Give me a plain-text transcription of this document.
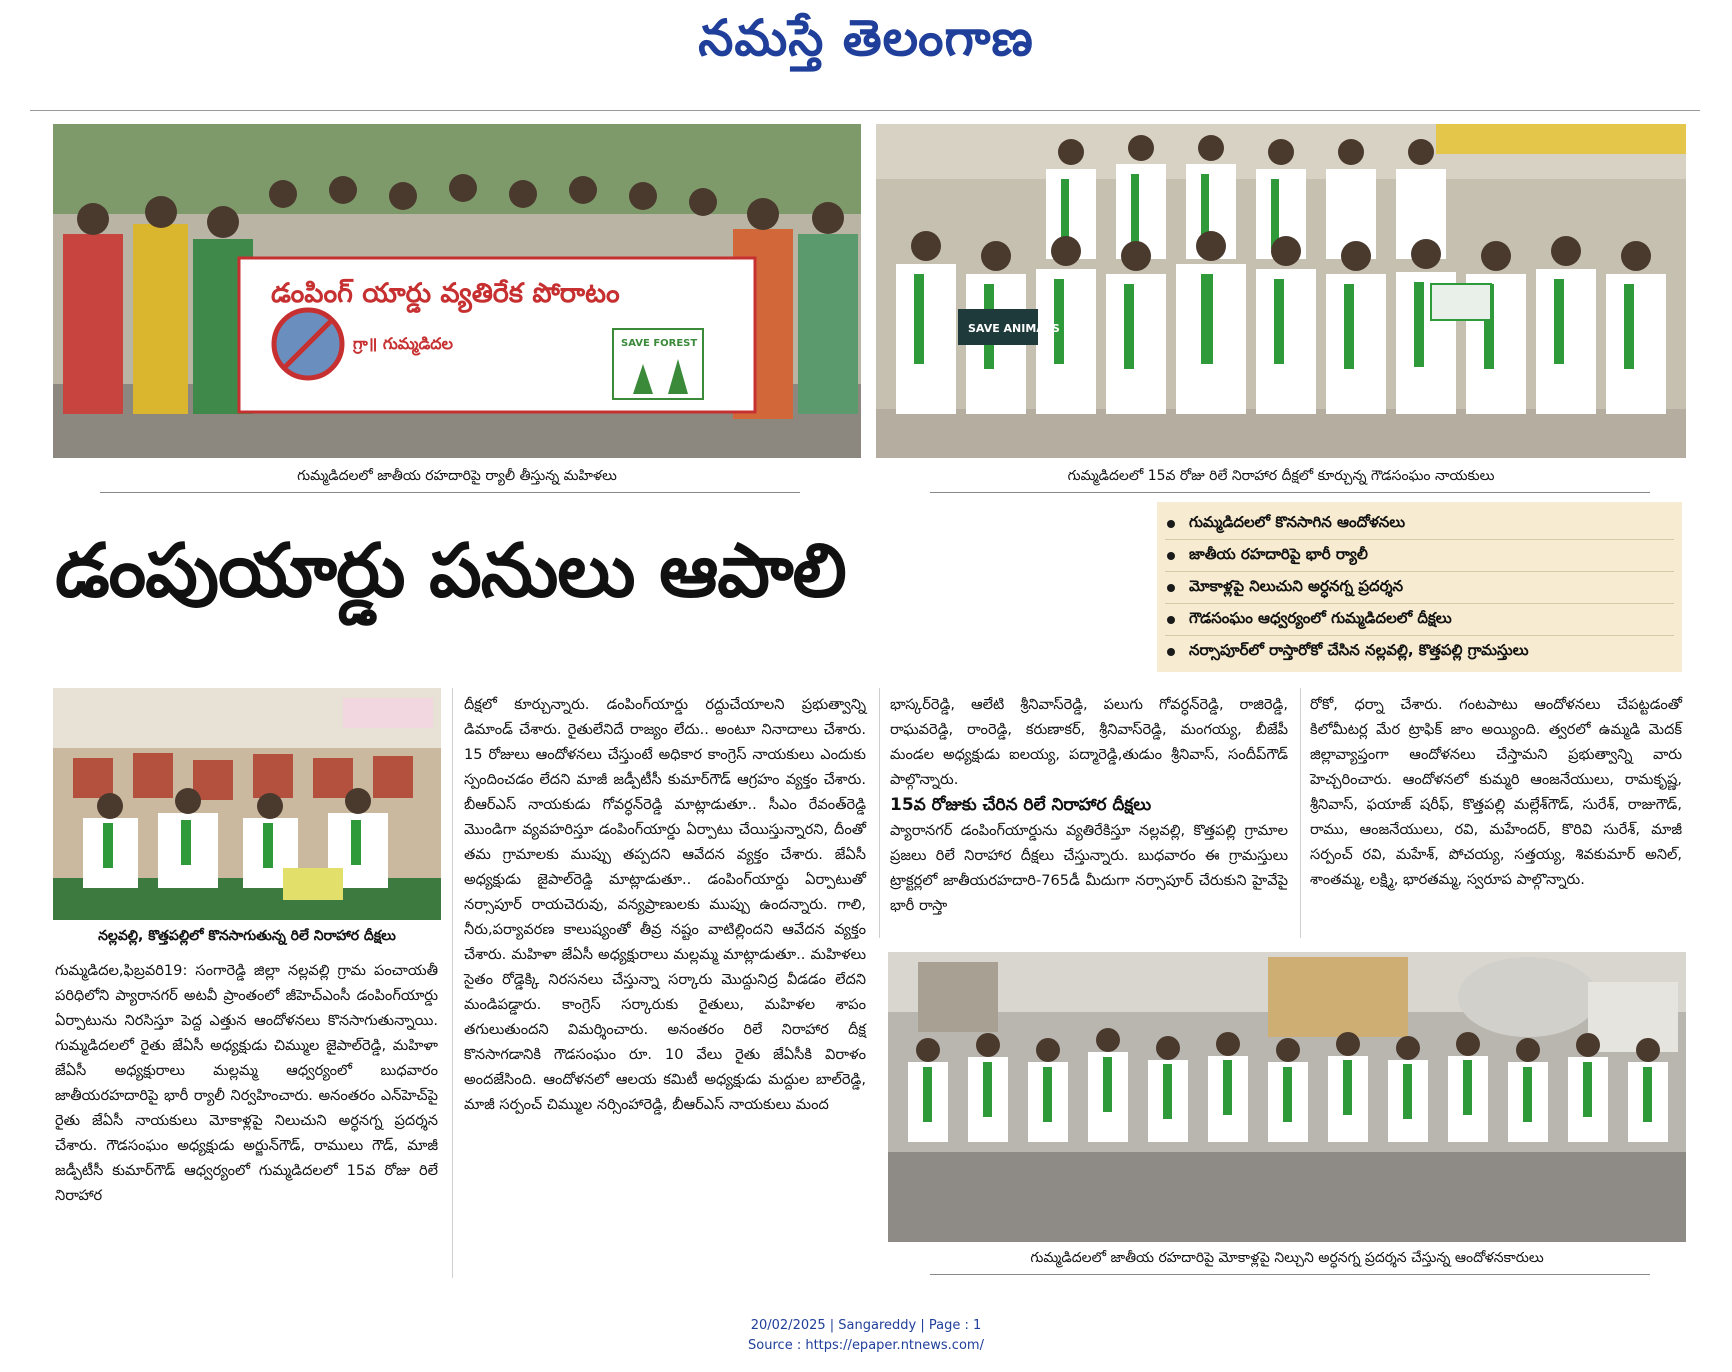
నమస్తే తెలంగాణ
డంపింగ్ యార్డు వ్యతిరేక పోరాటం
గ్రా॥ గుమ్మడిదల	SAVE FOREST
గుమ్మడిదలలో జాతీయ రహదారిపై ర్యాలీ తీస్తున్న మహిళలు
SAVE ANIMALS
గుమ్మడిదలలో 15వ రోజు రిలే నిరాహార దీక్షలో కూర్చున్న గౌడసంఘం నాయకులు
డంపుయార్డు పనులు ఆపాలి
గుమ్మడిదలలో కొనసాగిన ఆందోళనలు
జాతీయ రహదారిపై భారీ ర్యాలీ
మోకాళ్లపై నిలుచుని అర్ధనగ్న ప్రదర్శన
గౌడసంఘం ఆధ్వర్యంలో గుమ్మడిదలలో దీక్షలు
నర్సాపూర్‌లో రాస్తారోకో చేసిన నల్లవల్లి, కొత్తపల్లి గ్రామస్తులు
నల్లవల్లి, కొత్తపల్లిలో కొనసాగుతున్న రిలే నిరాహార దీక్షలు

గుమ్మడిదల,ఫిబ్రవరి19: సంగారెడ్డి జిల్లా నల్లవల్లి గ్రామ పంచాయతీ పరిధిలోని ప్యారానగర్ అటవీ ప్రాంతంలో జీహెచ్ఎంసీ డంపింగ్‌యార్డు ఏర్పాటును నిరసిస్తూ పెద్ద ఎత్తున ఆందోళనలు కొనసాగుతున్నాయి. గుమ్మడిదలలో రైతు జేఏసీ అధ్యక్షుడు చిమ్ముల జైపాల్‌రెడ్డి, మహిళా జేఏసీ అధ్యక్షురాలు మల్లమ్మ ఆధ్వర్యంలో బుధవారం జాతీయరహదారిపై భారీ ర్యాలీ నిర్వహించారు. అనంతరం ఎన్‌హెచ్‌పై రైతు జేఏసీ నాయకులు మోకాళ్లపై నిలుచుని అర్ధనగ్న ప్రదర్శన చేశారు. గౌడసంఘం అధ్యక్షుడు అర్జున్‌గౌడ్, రాములు గౌడ్, మాజీ జడ్పీటీసీ కుమార్‌గౌడ్ ఆధ్వర్యంలో గుమ్మడిదలలో 15వ రోజు రిలే నిరాహార

దీక్షలో కూర్చున్నారు. డంపింగ్‌యార్డు రద్దుచేయాలని ప్రభుత్వాన్ని డిమాండ్ చేశారు. రైతులేనిదే రాజ్యం లేదు.. అంటూ నినాదాలు చేశారు. 15 రోజులు ఆందోళనలు చేస్తుంటే అధికార కాంగ్రెస్ నాయకులు ఎందుకు స్పందించడం లేదని మాజీ జడ్పీటీసీ కుమార్‌గౌడ్ ఆగ్రహం వ్యక్తం చేశారు. బీఆర్ఎస్ నాయకుడు గోవర్ధన్‌రెడ్డి మాట్లాడుతూ.. సీఎం రేవంత్‌రెడ్డి మొండిగా వ్యవహరిస్తూ డంపింగ్‌యార్డు ఏర్పాటు చేయిస్తున్నారని, దీంతో తమ గ్రామాలకు ముప్పు తప్పదని ఆవేదన వ్యక్తం చేశారు. జేఏసీ అధ్యక్షుడు జైపాల్‌రెడ్డి మాట్లాడుతూ.. డంపింగ్‌యార్డు ఏర్పాటుతో నర్సాపూర్ రాయచెరువు, వన్యప్రాణులకు ముప్పు ఉందన్నారు. గాలి, నీరు,పర్యావరణ కాలుష్యంతో తీవ్ర నష్టం వాటిల్లిందని ఆవేదన వ్యక్తం చేశారు. మహిళా జేఏసీ అధ్యక్షురాలు మల్లమ్మ మాట్లాడుతూ.. మహిళలు సైతం రోడ్డెక్కి నిరసనలు చేస్తున్నా సర్కారు మొద్దునిద్ర వీడడం లేదని మండిపడ్డారు. కాంగ్రెస్ సర్కారుకు రైతులు, మహిళల శాపం తగులుతుందని విమర్శించారు. అనంతరం రిలే నిరాహార దీక్ష కొనసాగడానికి గౌడసంఘం రూ. 10 వేలు రైతు జేఏసీకి విరాళం అందజేసింది. ఆందోళనలో ఆలయ కమిటీ అధ్యక్షుడు మద్దుల బాల్‌రెడ్డి, మాజీ సర్పంచ్ చిమ్ముల నర్సింహారెడ్డి, బీఆర్ఎస్ నాయకులు మంద

భాస్కర్‌రెడ్డి, ఆలేటి శ్రీనివాస్‌రెడ్డి, పలుగు గోవర్ధన్‌రెడ్డి, రాజిరెడ్డి, రాఘవరెడ్డి, రాంరెడ్డి, కరుణాకర్, శ్రీనివాస్‌రెడ్డి, మంగయ్య, బీజేపీ మండల అధ్యక్షుడు ఐలయ్య, పద్మారెడ్డి,తుడుం శ్రీనివాస్, సందీప్‌గౌడ్ పాల్గొన్నారు.

15వ రోజుకు చేరిన రిలే నిరాహార దీక్షలు

ప్యారానగర్ డంపింగ్‌యార్డును వ్యతిరేకిస్తూ నల్లవల్లి, కొత్తపల్లి గ్రామాల ప్రజలు రిలే నిరాహార దీక్షలు చేస్తున్నారు. బుధవారం ఈ గ్రామస్తులు ట్రాక్టర్లలో జాతీయరహదారి-765డీ మీదుగా నర్సాపూర్ చేరుకుని హైవేపై భారీ రాస్తా

రోకో, ధర్నా చేశారు. గంటపాటు ఆందోళనలు చేపట్టడంతో కిలోమీటర్ల మేర ట్రాఫిక్ జాం అయ్యింది. త్వరలో ఉమ్మడి మెదక్ జిల్లావ్యాప్తంగా ఆందోళనలు చేస్తామని ప్రభుత్వాన్ని వారు హెచ్చరించారు. ఆందోళనలో కుమ్మరి ఆంజనేయులు, రామకృష్ణ, శ్రీనివాస్, ఫయాజ్ షరీఫ్, కొత్తపల్లి మల్లేశ్‌గౌడ్, సురేశ్, రాజుగౌడ్, రాము, ఆంజనేయులు, రవి, మహేందర్, కొరివి సురేశ్, మాజీ సర్పంచ్ రవి, మహేశ్, పోచయ్య, సత్తయ్య, శివకుమార్ అనిల్, శాంతమ్మ, లక్ష్మి, భారతమ్మ, స్వరూప పాల్గొన్నారు.

గుమ్మడిదలలో జాతీయ రహదారిపై మోకాళ్లపై నిల్చుని అర్ధనగ్న ప్రదర్శన చేస్తున్న ఆందోళనకారులు
20/02/2025 | Sangareddy | Page : 1
Source : https://epaper.ntnews.com/
